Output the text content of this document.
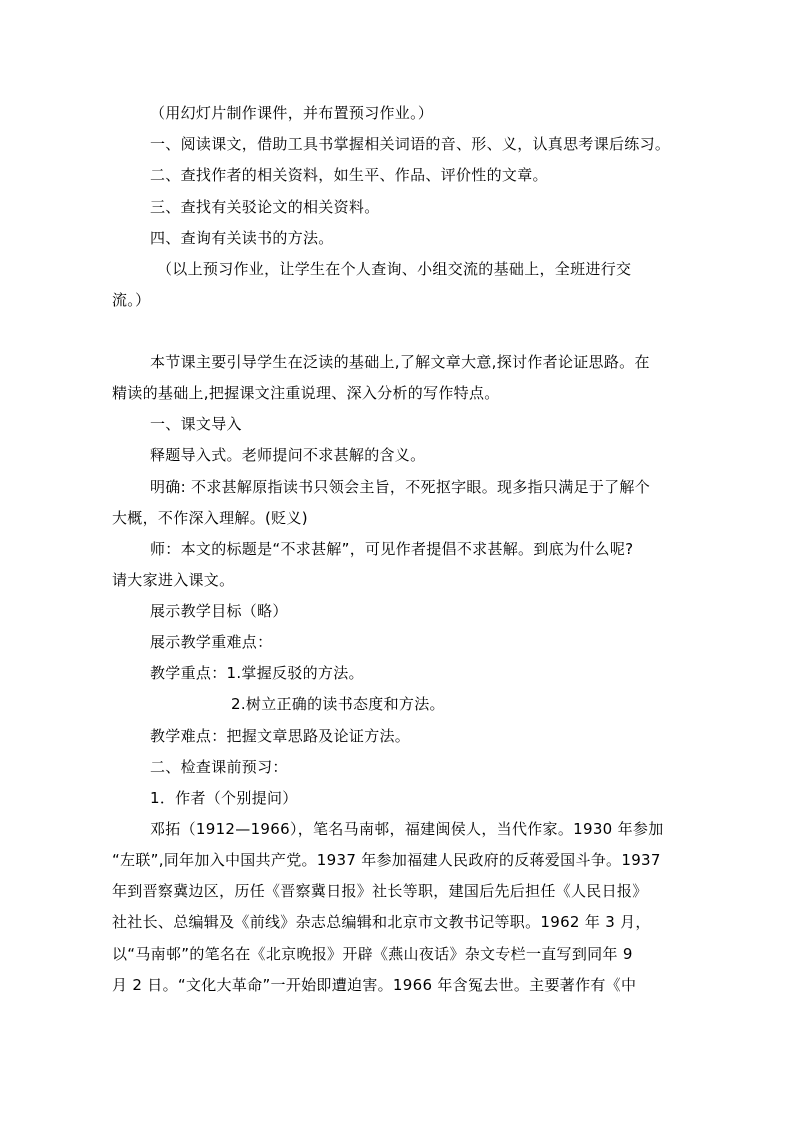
（用幻灯片制作课件，并布置预习作业。）
一、阅读课文，借助工具书掌握相关词语的音、形、义，认真思考课后练习。
二、查找作者的相关资料，如生平、作品、评价性的文章。
三、查找有关驳论文的相关资料。
四、查询有关读书的方法。
（以上预习作业，让学生在个人查询、小组交流的基础上，全班进行交
流。）
本节课主要引导学生在泛读的基础上,了解文章大意,探讨作者论证思路。在
精读的基础上,把握课文注重说理、深入分析的写作特点。
一、课文导入
释题导入式。老师提问不求甚解的含义。
明确: 不求甚解原指读书只领会主旨，不死抠字眼。现多指只满足于了解个
大概，不作深入理解。(贬义)
师：本文的标题是“不求甚解”，可见作者提倡不求甚解。到底为什么呢?
请大家进入课文。
展示教学目标（略）
展示教学重难点：
教学重点：1.掌握反驳的方法。
2.树立正确的读书态度和方法。
教学难点：把握文章思路及论证方法。
二、检查课前预习：
1．作者（个别提问）
邓拓（1912—1966），笔名马南邨，福建闽侯人，当代作家。1930 年参加
“左联”,同年加入中国共产党。1937 年参加福建人民政府的反蒋爱国斗争。1937
年到晋察冀边区，历任《晋察冀日报》社长等职，建国后先后担任《人民日报》
社社长、总编辑及《前线》杂志总编辑和北京市文教书记等职。1962 年 3 月，
以“马南邨”的笔名在《北京晚报》开辟《燕山夜话》杂文专栏一直写到同年 9
月 2 日。“文化大革命”一开始即遭迫害。1966 年含冤去世。主要著作有《中
